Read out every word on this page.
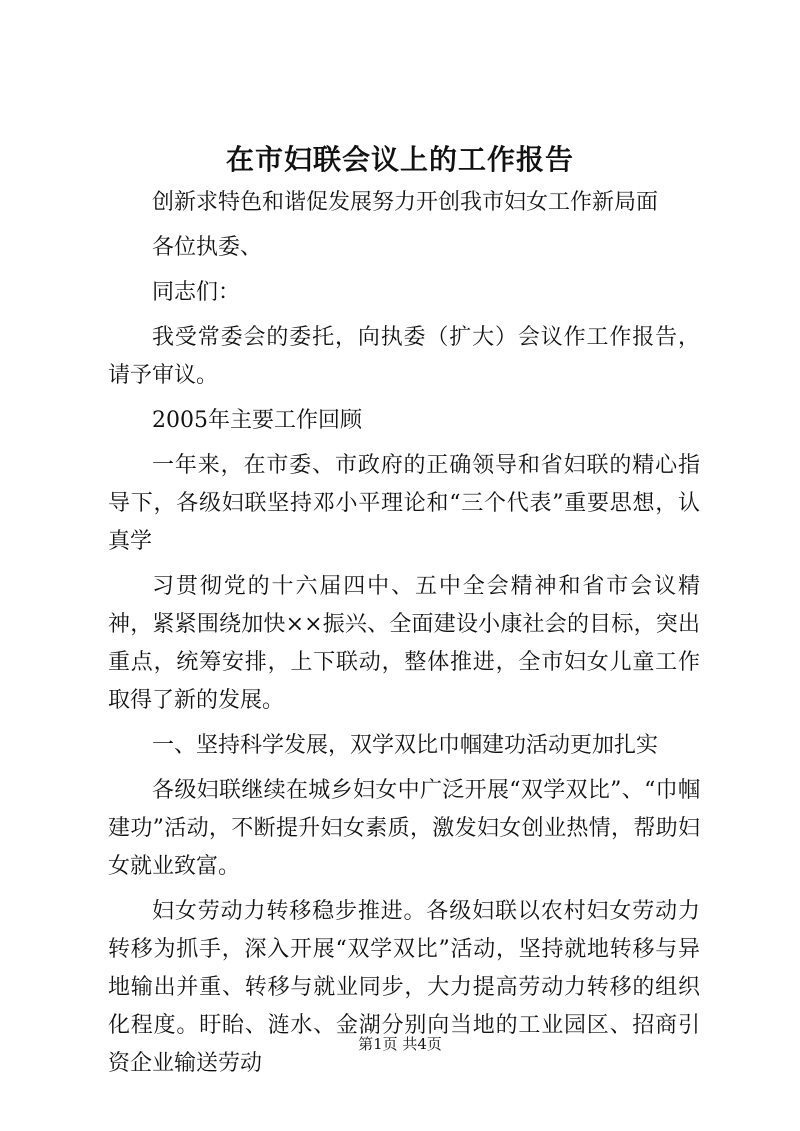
在市妇联会议上的工作报告

创新求特色和谐促发展努力开创我市妇女工作新局面

各位执委、

同志们：

我受常委会的委托，向执委（扩大）会议作工作报告，请予审议。

2005年主要工作回顾

一年来，在市委、市政府的正确领导和省妇联的精心指导下，各级妇联坚持邓小平理论和“三个代表”重要思想，认真学

习贯彻党的十六届四中、五中全会精神和省市会议精神，紧紧围绕加快××振兴、全面建设小康社会的目标，突出重点，统筹安排，上下联动，整体推进，全市妇女儿童工作取得了新的发展。

一、坚持科学发展，双学双比巾帼建功活动更加扎实

各级妇联继续在城乡妇女中广泛开展“双学双比”、“巾帼建功”活动，不断提升妇女素质，激发妇女创业热情，帮助妇女就业致富。

妇女劳动力转移稳步推进。各级妇联以农村妇女劳动力转移为抓手，深入开展“双学双比”活动，坚持就地转移与异地输出并重、转移与就业同步，大力提高劳动力转移的组织化程度。盱眙、涟水、金湖分别向当地的工业园区、招商引资企业输送劳动

第1页 共4页
